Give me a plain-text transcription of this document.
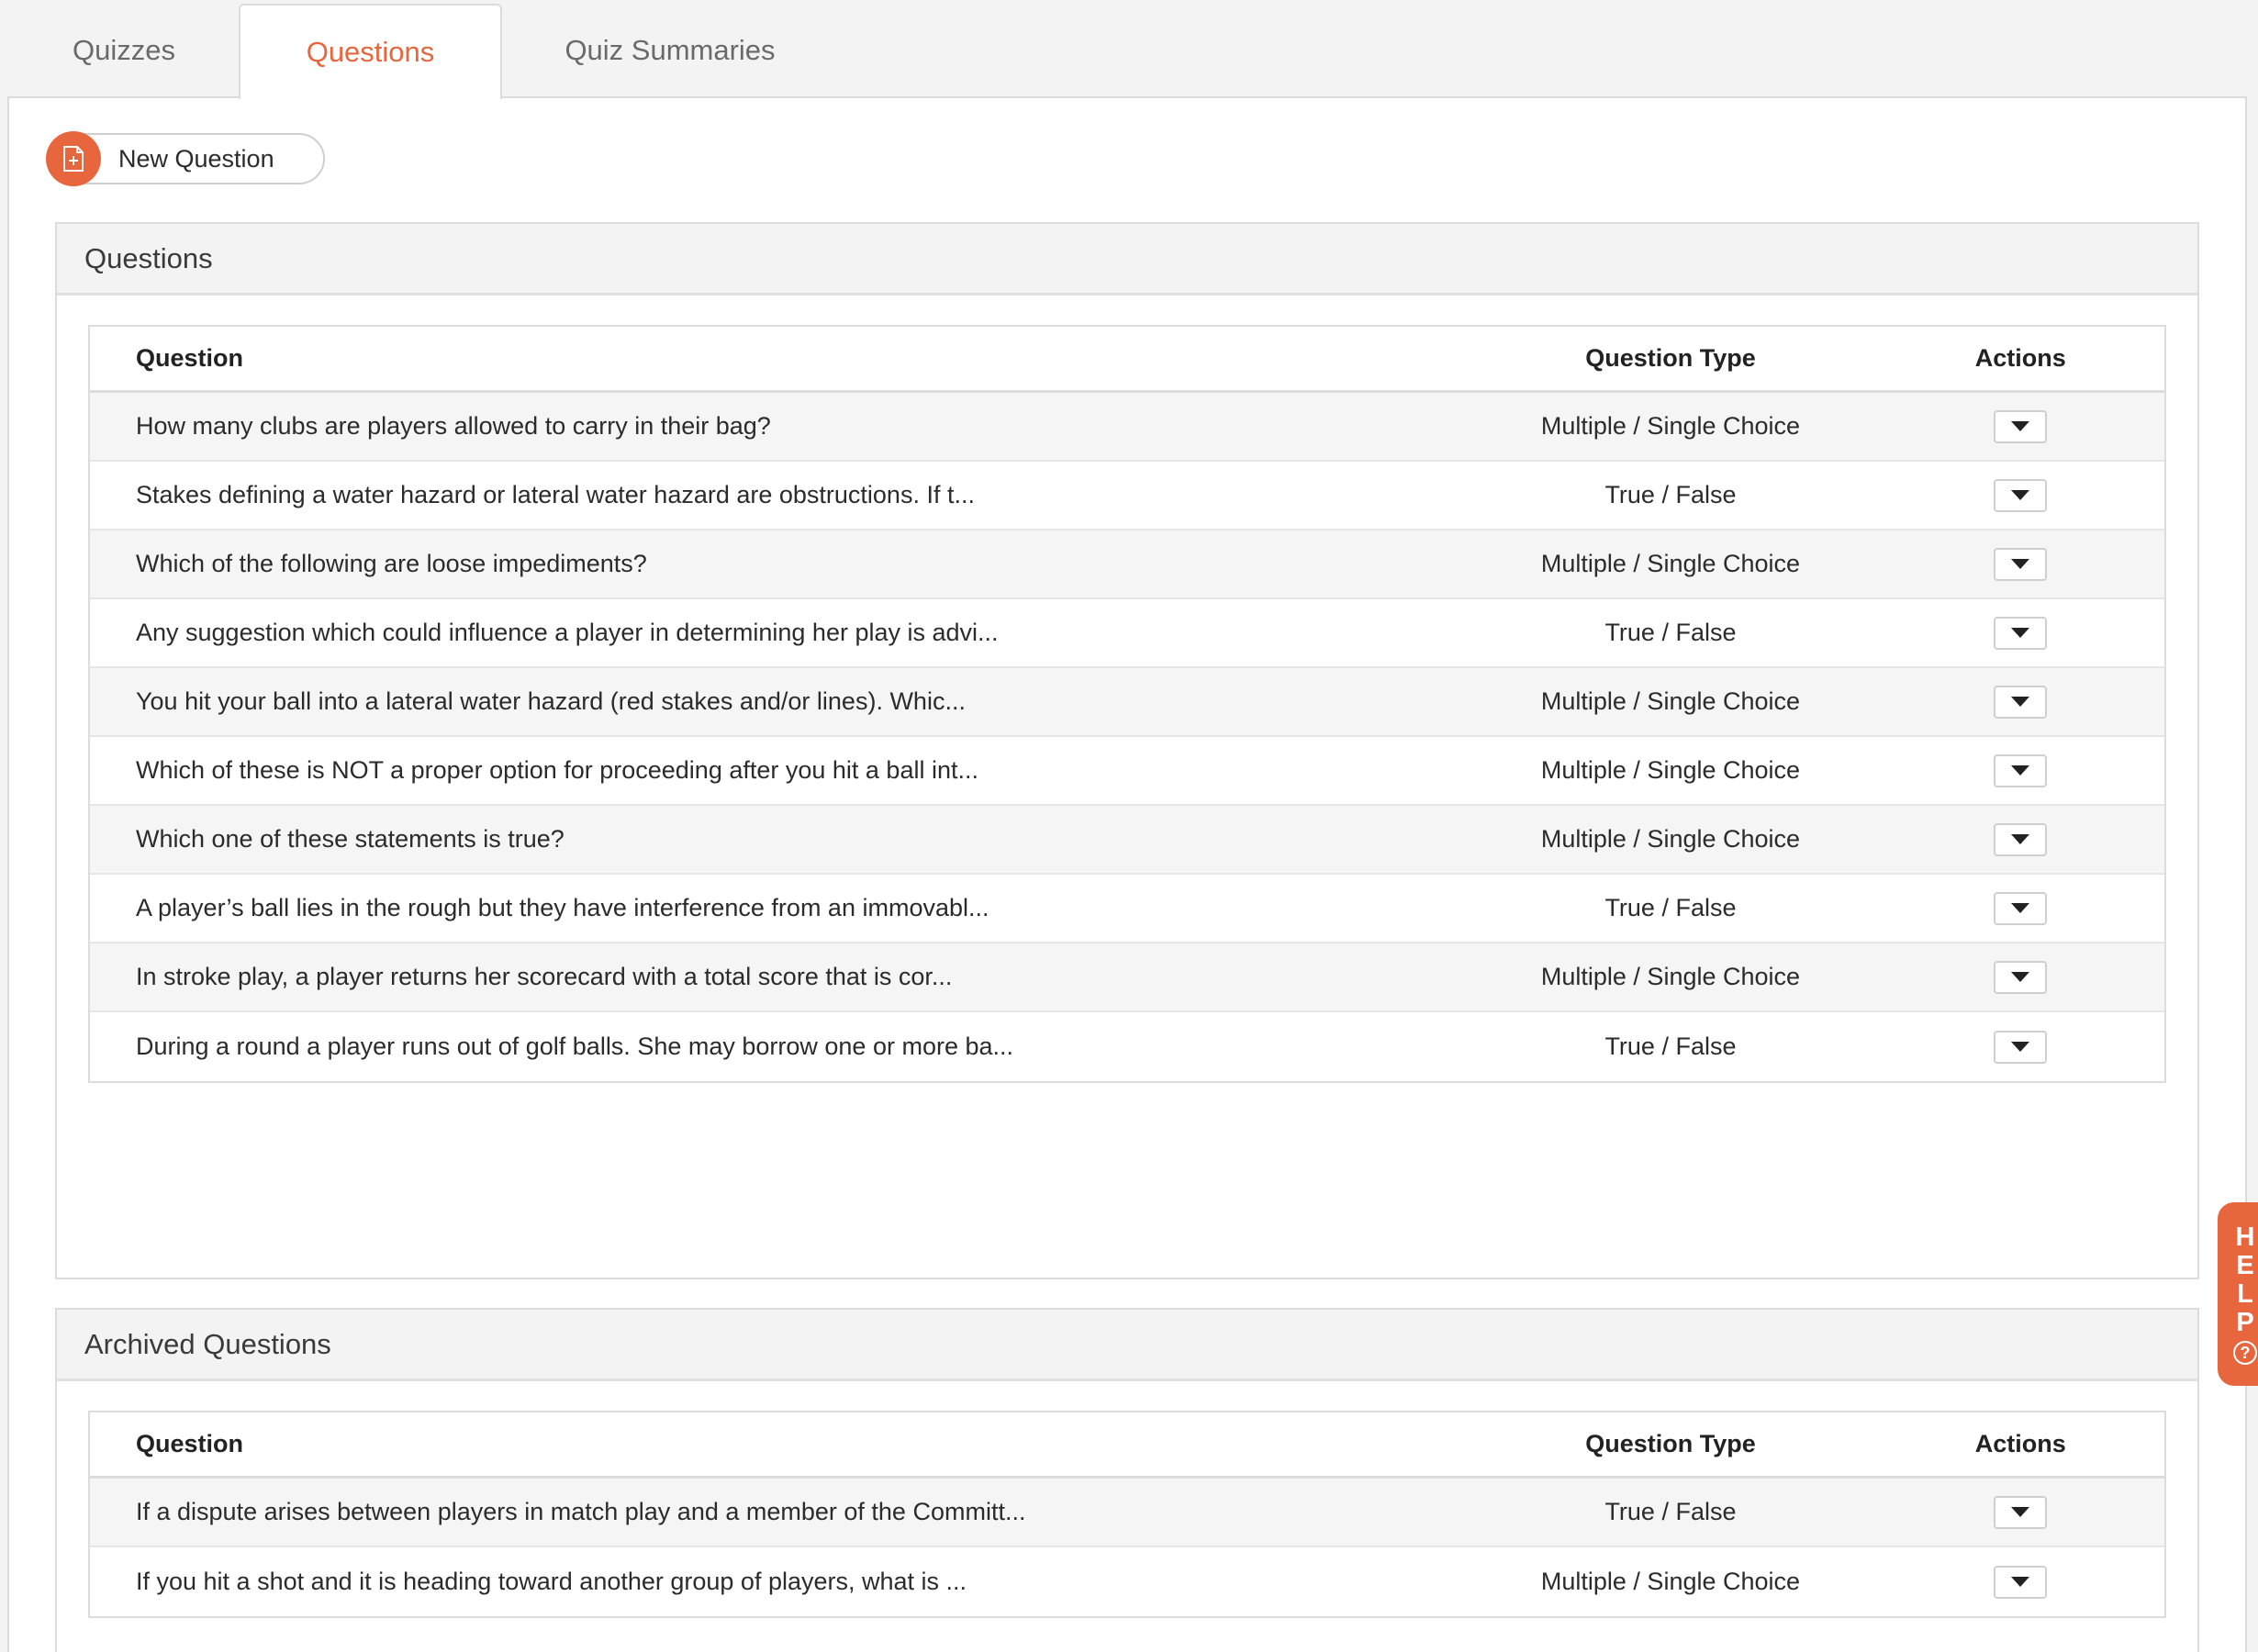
Quizzes	Questions	Quiz Summaries
New Question
Questions
Question	Question Type	Actions
How many clubs are players allowed to carry in their bag?	Multiple / Single Choice
Stakes defining a water hazard or lateral water hazard are obstructions. If t...	True / False
Which of the following are loose impediments?	Multiple / Single Choice
Any suggestion which could influence a player in determining her play is advi...	True / False
You hit your ball into a lateral water hazard (red stakes and/or lines). Whic...	Multiple / Single Choice
Which of these is NOT a proper option for proceeding after you hit a ball int...	Multiple / Single Choice
Which one of these statements is true?	Multiple / Single Choice
A player’s ball lies in the rough but they have interference from an immovabl...	True / False
In stroke play, a player returns her scorecard with a total score that is cor...	Multiple / Single Choice
During a round a player runs out of golf balls. She may borrow one or more ba...	True / False
Archived Questions
Question	Question Type	Actions
If a dispute arises between players in match play and a member of the Committ...	True / False
If you hit a shot and it is heading toward another group of players, what is ...	Multiple / Single Choice
H
E
L
P
?
